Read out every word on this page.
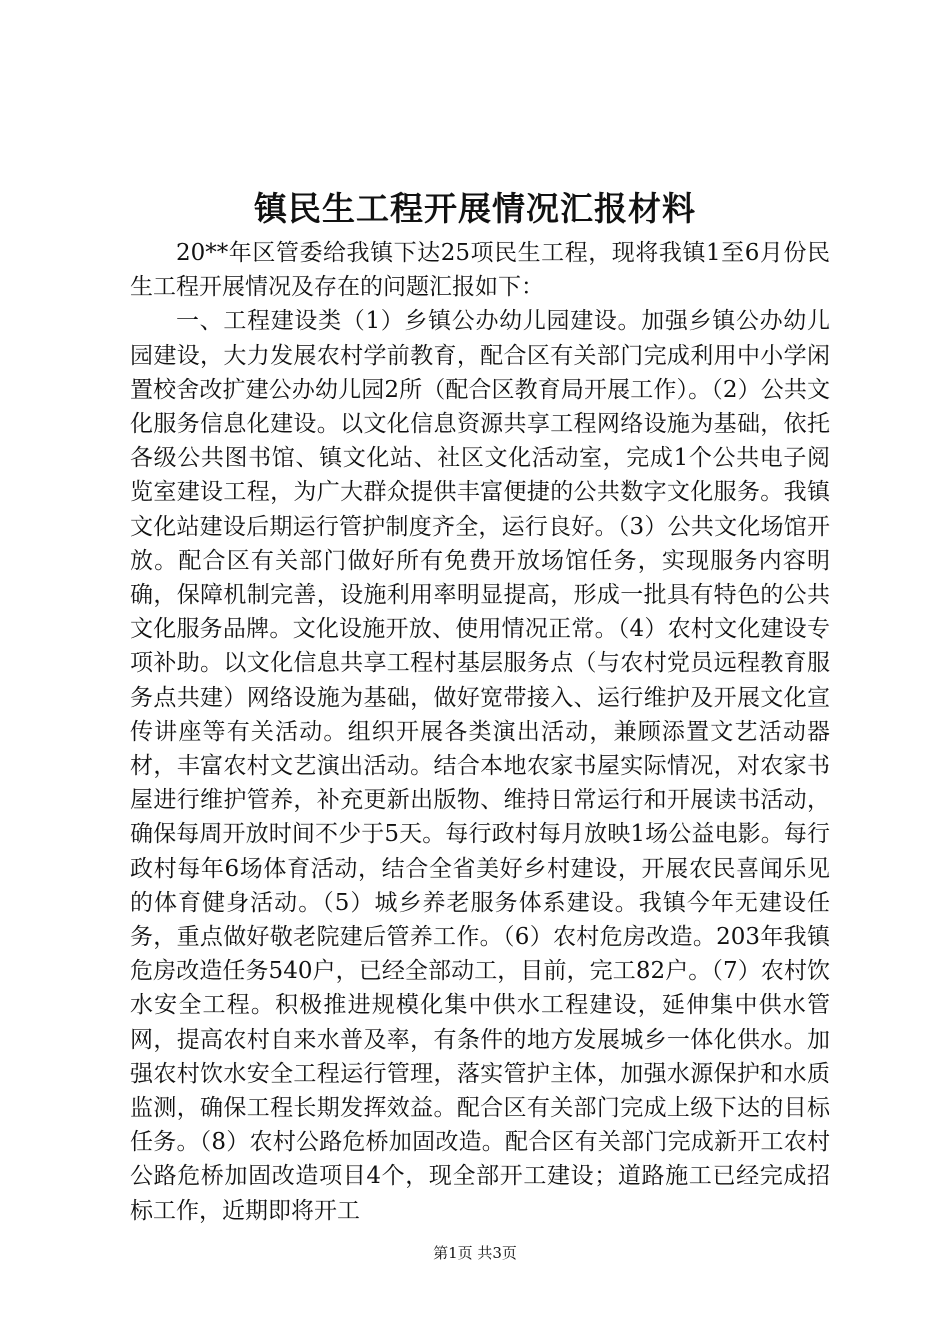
镇民生工程开展情况汇报材料

20**年区管委给我镇下达25项民生工程，现将我镇1至6月份民生工程开展情况及存在的问题汇报如下：

一、工程建设类（1）乡镇公办幼儿园建设。加强乡镇公办幼儿园建设，大力发展农村学前教育，配合区有关部门完成利用中小学闲置校舍改扩建公办幼儿园2所（配合区教育局开展工作）。（2）公共文化服务信息化建设。以文化信息资源共享工程网络设施为基础，依托各级公共图书馆、镇文化站、社区文化活动室，完成1个公共电子阅览室建设工程，为广大群众提供丰富便捷的公共数字文化服务。我镇文化站建设后期运行管护制度齐全，运行良好。（3）公共文化场馆开放。配合区有关部门做好所有免费开放场馆任务，实现服务内容明确，保障机制完善，设施利用率明显提高，形成一批具有特色的公共文化服务品牌。文化设施开放、使用情况正常。（4）农村文化建设专项补助。以文化信息共享工程村基层服务点（与农村党员远程教育服务点共建）网络设施为基础，做好宽带接入、运行维护及开展文化宣传讲座等有关活动。组织开展各类演出活动，兼顾添置文艺活动器材，丰富农村文艺演出活动。结合本地农家书屋实际情况，对农家书屋进行维护管养，补充更新出版物、维持日常运行和开展读书活动，确保每周开放时间不少于5天。每行政村每月放映1场公益电影。每行政村每年6场体育活动，结合全省美好乡村建设，开展农民喜闻乐见的体育健身活动。（5）城乡养老服务体系建设。我镇今年无建设任务，重点做好敬老院建后管养工作。（6）农村危房改造。203年我镇危房改造任务540户，已经全部动工，目前，完工82户。（7）农村饮水安全工程。积极推进规模化集中供水工程建设，延伸集中供水管网，提高农村自来水普及率，有条件的地方发展城乡一体化供水。加强农村饮水安全工程运行管理，落实管护主体，加强水源保护和水质监测，确保工程长期发挥效益。配合区有关部门完成上级下达的目标任务。（8）农村公路危桥加固改造。配合区有关部门完成新开工农村公路危桥加固改造项目4个，现全部开工建设；道路施工已经完成招标工作，近期即将开工

第1页 共3页
